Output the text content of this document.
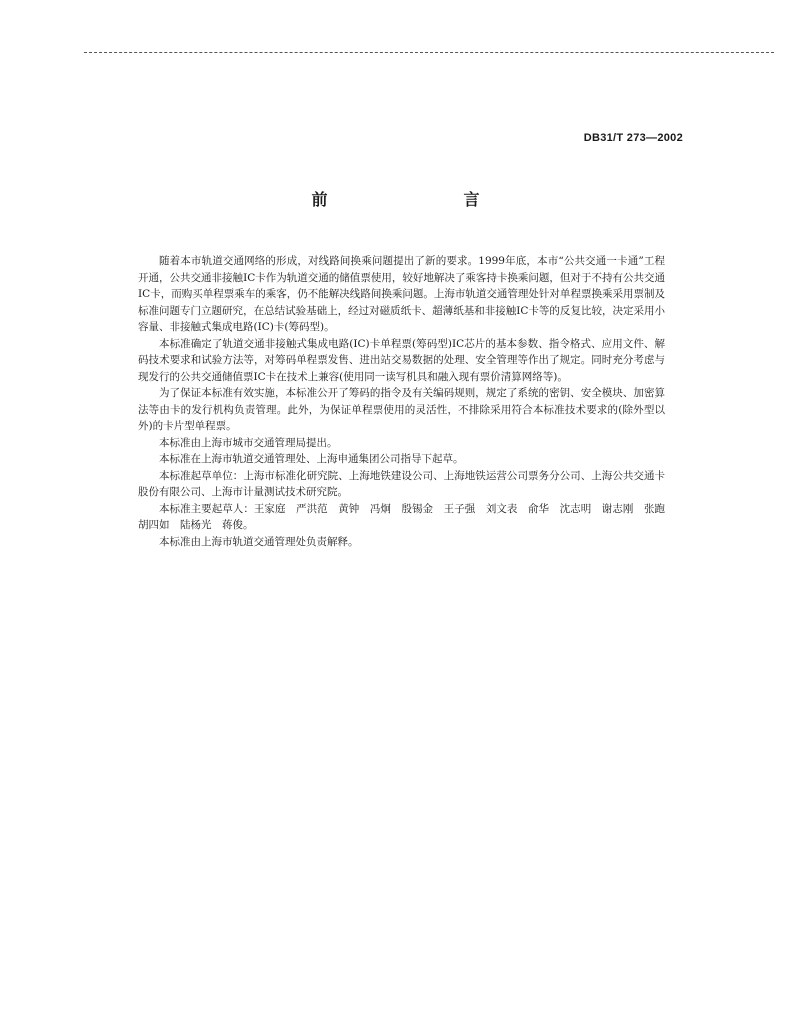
DB31/T 273—2002
前　言

随着本市轨道交通网络的形成，对线路间换乘问题提出了新的要求。1999年底，本市“公共交通一卡通”工程开通，公共交通非接触IC卡作为轨道交通的储值票使用，较好地解决了乘客持卡换乘问题，但对于不持有公共交通IC卡，而购买单程票乘车的乘客，仍不能解决线路间换乘问题。上海市轨道交通管理处针对单程票换乘采用票制及标准问题专门立题研究，在总结试验基础上，经过对磁质纸卡、超薄纸基和非接触IC卡等的反复比较，决定采用小容量、非接触式集成电路(IC)卡(筹码型)。

本标准确定了轨道交通非接触式集成电路(IC)卡单程票(筹码型)IC芯片的基本参数、指令格式、应用文件、解码技术要求和试验方法等，对筹码单程票发售、进出站交易数据的处理、安全管理等作出了规定。同时充分考虑与现发行的公共交通储值票IC卡在技术上兼容(使用同一读写机具和融入现有票价清算网络等)。

为了保证本标准有效实施，本标准公开了筹码的指令及有关编码规则，规定了系统的密钥、安全模块、加密算法等由卡的发行机构负责管理。此外，为保证单程票使用的灵活性，不排除采用符合本标准技术要求的(除外型以外)的卡片型单程票。

本标准由上海市城市交通管理局提出。

本标准在上海市轨道交通管理处、上海申通集团公司指导下起草。

本标准起草单位：上海市标准化研究院、上海地铁建设公司、上海地铁运营公司票务分公司、上海公共交通卡股份有限公司、上海市计量测试技术研究院。

本标准主要起草人：王家庭　严洪范　黄钟　冯炯　殷锡金　王子强　刘文表　俞华　沈志明　谢志刚　张跑　胡四如　陆杨光　蒋俊。

本标准由上海市轨道交通管理处负责解释。
